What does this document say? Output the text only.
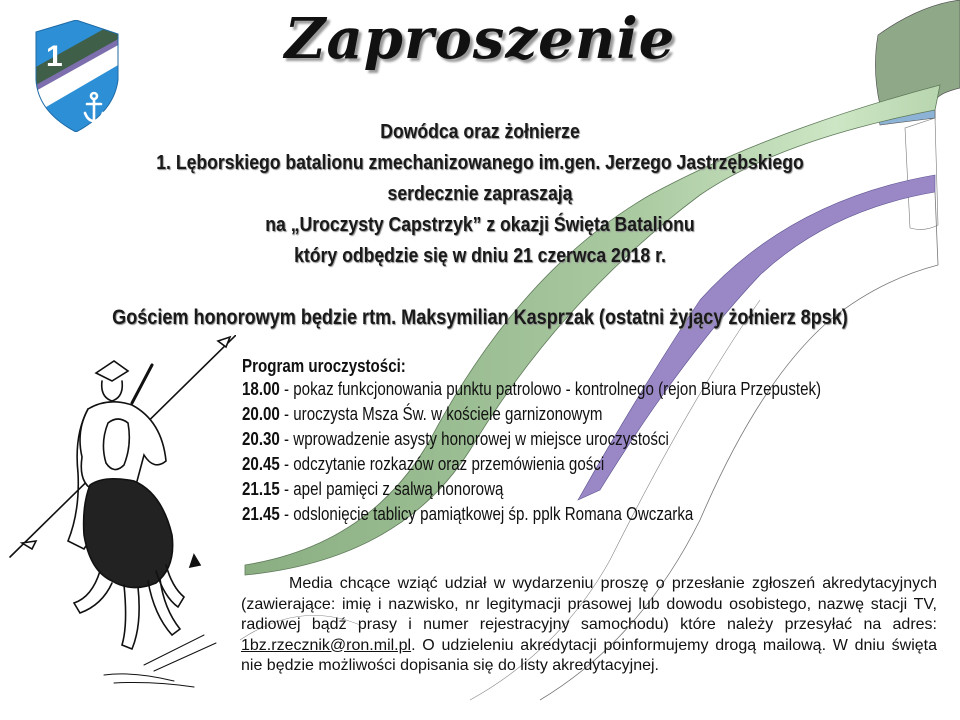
1	Zaproszenie
Dowódca oraz żołnierze
1. Lęborskiego batalionu zmechanizowanego im.gen. Jerzego Jastrzębskiego
serdecznie zapraszają
na „Uroczysty Capstrzyk” z okazji Święta Batalionu
który odbędzie się w dniu 21 czerwca 2018 r.
Gościem honorowym będzie rtm. Maksymilian Kasprzak (ostatni żyjący żołnierz 8psk)
Program uroczystości:
18.00 - pokaz funkcjonowania punktu patrolowo - kontrolnego (rejon Biura Przepustek)
20.00 - uroczysta Msza Św. w kościele garnizonowym
20.30 - wprowadzenie asysty honorowej w miejsce uroczystości
20.45 - odczytanie rozkazów oraz przemówienia gości
21.15 - apel pamięci z salwą honorową
21.45 - odslonięcie tablicy pamiątkowej śp. pplk Romana Owczarka
Media chcące wziąć udział w wydarzeniu proszę o przesłanie zgłoszeń akredytacyjnych (zawierające: imię i nazwisko, nr legitymacji prasowej lub dowodu osobistego, nazwę stacji TV, radiowej bądź prasy i numer rejestracyjny samochodu) które należy przesyłać na adres: 1bz.rzecznik@ron.mil.pl. O udzieleniu akredytacji poinformujemy drogą mailową. W dniu święta nie będzie możliwości dopisania się do listy akredytacyjnej.
